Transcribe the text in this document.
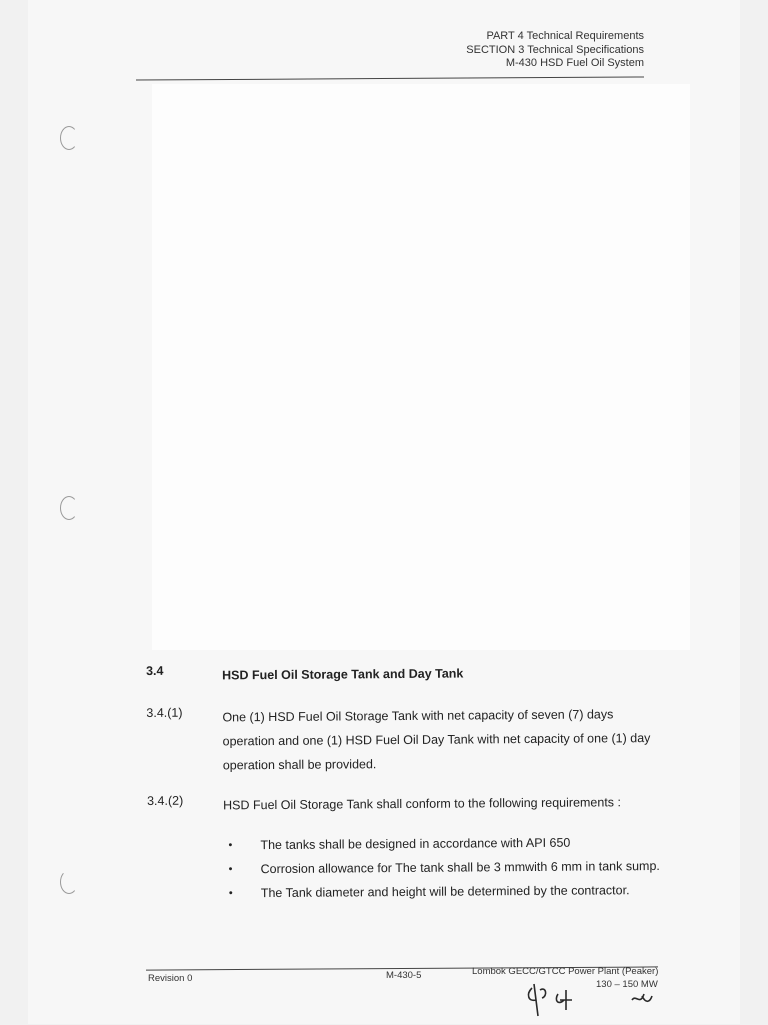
PART 4 Technical Requirements
SECTION 3 Technical Specifications
M-430 HSD Fuel Oil System
3.4	HSD Fuel Oil Storage Tank and Day Tank
3.4.(1)	One (1) HSD Fuel Oil Storage Tank with net capacity of seven (7) days operation and one (1) HSD Fuel Oil Day Tank with net capacity of one (1) day operation shall be provided.
3.4.(2)	HSD Fuel Oil Storage Tank shall conform to the following requirements :
•	The tanks shall be designed in accordance with API 650
•	Corrosion allowance for The tank shall be 3 mmwith 6 mm in tank sump.
•	The Tank diameter and height will be determined by the contractor.
Revision 0	M-430-5	Lombok GECC/GTCC Power Plant (Peaker)
130 – 150 MW
